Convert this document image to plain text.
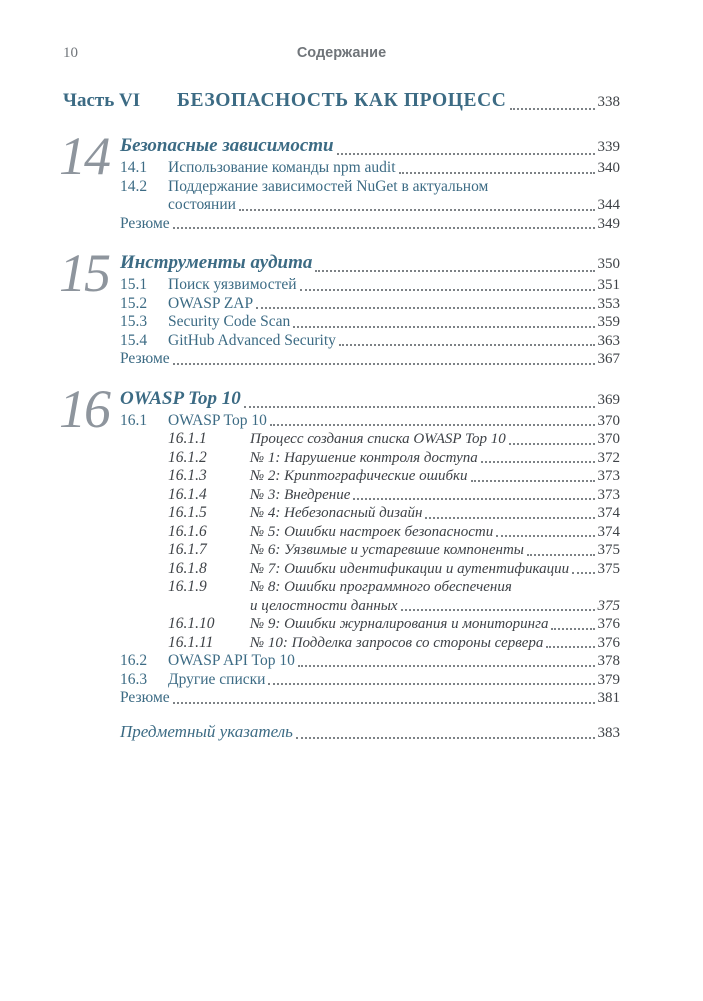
10	Содержание
Часть VI	БЕЗОПАСНОСТЬ КАК ПРОЦЕСС	338
14 Безопасные зависимости	339
14.1	Использование команды npm audit	340
14.2	Поддержание зависимостей NuGet в актуальном
состоянии	344
Резюме	349
15 Инструменты аудита	350
15.1	Поиск уязвимостей	351
15.2	OWASP ZAP	353
15.3	Security Code Scan	359
15.4	GitHub Advanced Security	363
Резюме	367
16 OWASP Top 10	369
16.1	OWASP Top 10	370
16.1.1	Процесс создания списка OWASP Top 10	370
16.1.2	№ 1: Нарушение контроля доступа	372
16.1.3	№ 2: Криптографические ошибки	373
16.1.4	№ 3: Внедрение	373
16.1.5	№ 4: Небезопасный дизайн	374
16.1.6	№ 5: Ошибки настроек безопасности	374
16.1.7	№ 6: Уязвимые и устаревшие компоненты	375
16.1.8	№ 7: Ошибки идентификации и аутентификации 375
16.1.9	№ 8: Ошибки программного обеспечения
и целостности данных	375
16.1.10	№ 9: Ошибки журналирования и мониторинга	376
16.1.11	№ 10: Подделка запросов со стороны сервера	376
16.2	OWASP API Top 10	378
16.3	Другие списки	379
Резюме	381
Предметный указатель	383
